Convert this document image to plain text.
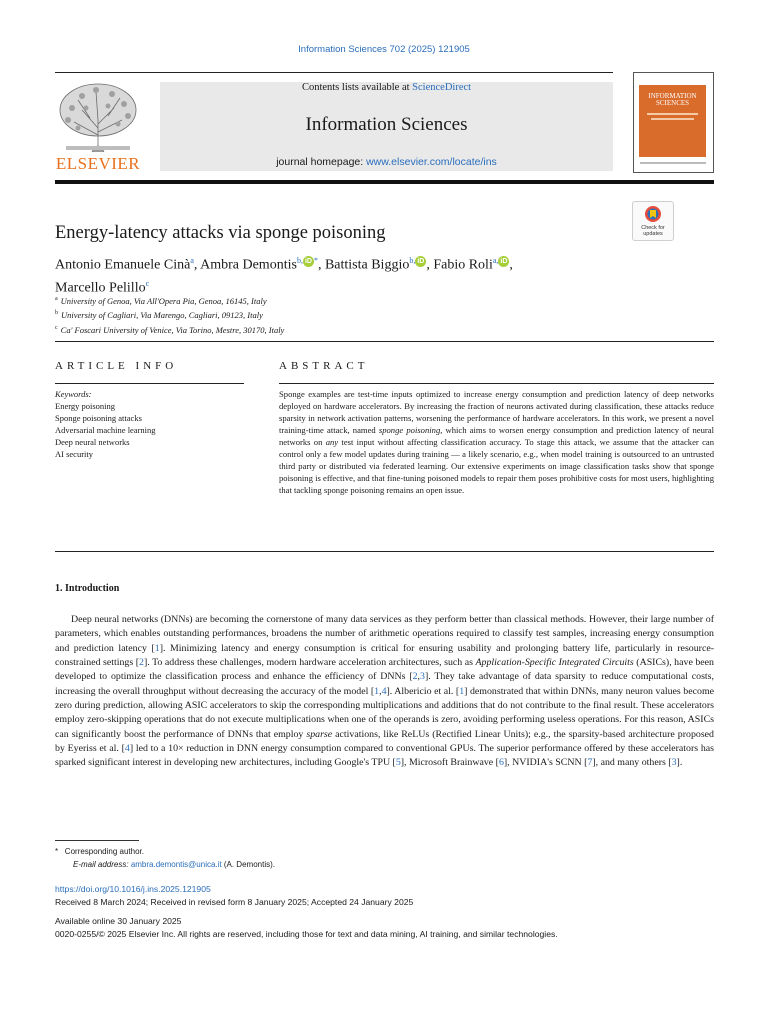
Information Sciences 702 (2025) 121905
ELSEVIER
Contents lists available at ScienceDirect
Information Sciences
journal homepage: www.elsevier.com/locate/ins
INFORMATION SCIENCES
Check for updates
Energy-latency attacks via sponge poisoning
Antonio Emanuele Cinà$^a$, Ambra Demontis$^{b,}$ iD *, Battista Biggio$^{b,}$ iD , Fabio Roli$^{a,}$ iD ,
Marcello Pelillo$^c$
$^a$ University of Genoa, Via All'Opera Pia, Genoa, 16145, Italy
$^b$ University of Cagliari, Via Marengo, Cagliari, 09123, Italy
$^c$ Ca' Foscari University of Venice, Via Torino, Mestre, 30170, Italy
ARTICLE INFO
Keywords:
Energy poisoning
Sponge poisoning attacks
Adversarial machine learning
Deep neural networks
AI security
ABSTRACT
Sponge examples are test-time inputs optimized to increase energy consumption and prediction latency of deep networks deployed on hardware accelerators. By increasing the fraction of neurons activated during classification, these attacks reduce sparsity in network activation patterns, worsening the performance of hardware accelerators. In this work, we present a novel training-time attack, named sponge poisoning, which aims to worsen energy consumption and prediction latency of neural networks on any test input without affecting classification accuracy. To stage this attack, we assume that the attacker can control only a few model updates during training — a likely scenario, e.g., when model training is outsourced to an untrusted third party or distributed via federated learning. Our extensive experiments on image classification tasks show that sponge poisoning is effective, and that fine-tuning poisoned models to repair them poses prohibitive costs for most users, highlighting that tackling sponge poisoning remains an open issue.
1. Introduction
Deep neural networks (DNNs) are becoming the cornerstone of many data services as they perform better than classical methods. However, their large number of parameters, which enables outstanding performances, broadens the number of arithmetic operations required to classify test samples, increasing energy consumption and prediction latency [1]. Minimizing latency and energy consumption is critical for ensuring usability and prolonging battery life, particularly in resource-constrained settings [2]. To address these challenges, modern hardware acceleration architectures, such as Application-Specific Integrated Circuits (ASICs), have been developed to optimize the classification process and enhance the efficiency of DNNs [2,3]. They take advantage of data sparsity to reduce computational costs, increasing the overall throughput without decreasing the accuracy of the model [1,4]. Albericio et al. [1] demonstrated that within DNNs, many neuron values become zero during prediction, allowing ASIC accelerators to skip the corresponding multiplications and additions that do not contribute to the final result. These accelerators employ zero-skipping operations that do not execute multiplications when one of the operands is zero, avoiding performing useless operations. For this reason, ASICs can significantly boost the performance of DNNs that employ sparse activations, like ReLUs (Rectified Linear Units); e.g., the sparsity-based architecture proposed by Eyeriss et al. [4] led to a 10× reduction in DNN energy consumption compared to conventional GPUs. The superior performance offered by these accelerators has sparked significant interest in developing new architectures, including Google's TPU [5], Microsoft Brainwave [6], NVIDIA's SCNN [7], and many others [3].
* Corresponding author.
E-mail address: ambra.demontis@unica.it (A. Demontis).
https://doi.org/10.1016/j.ins.2025.121905
Received 8 March 2024; Received in revised form 8 January 2025; Accepted 24 January 2025
Available online 30 January 2025
0020-0255/© 2025 Elsevier Inc. All rights are reserved, including those for text and data mining, AI training, and similar technologies.
